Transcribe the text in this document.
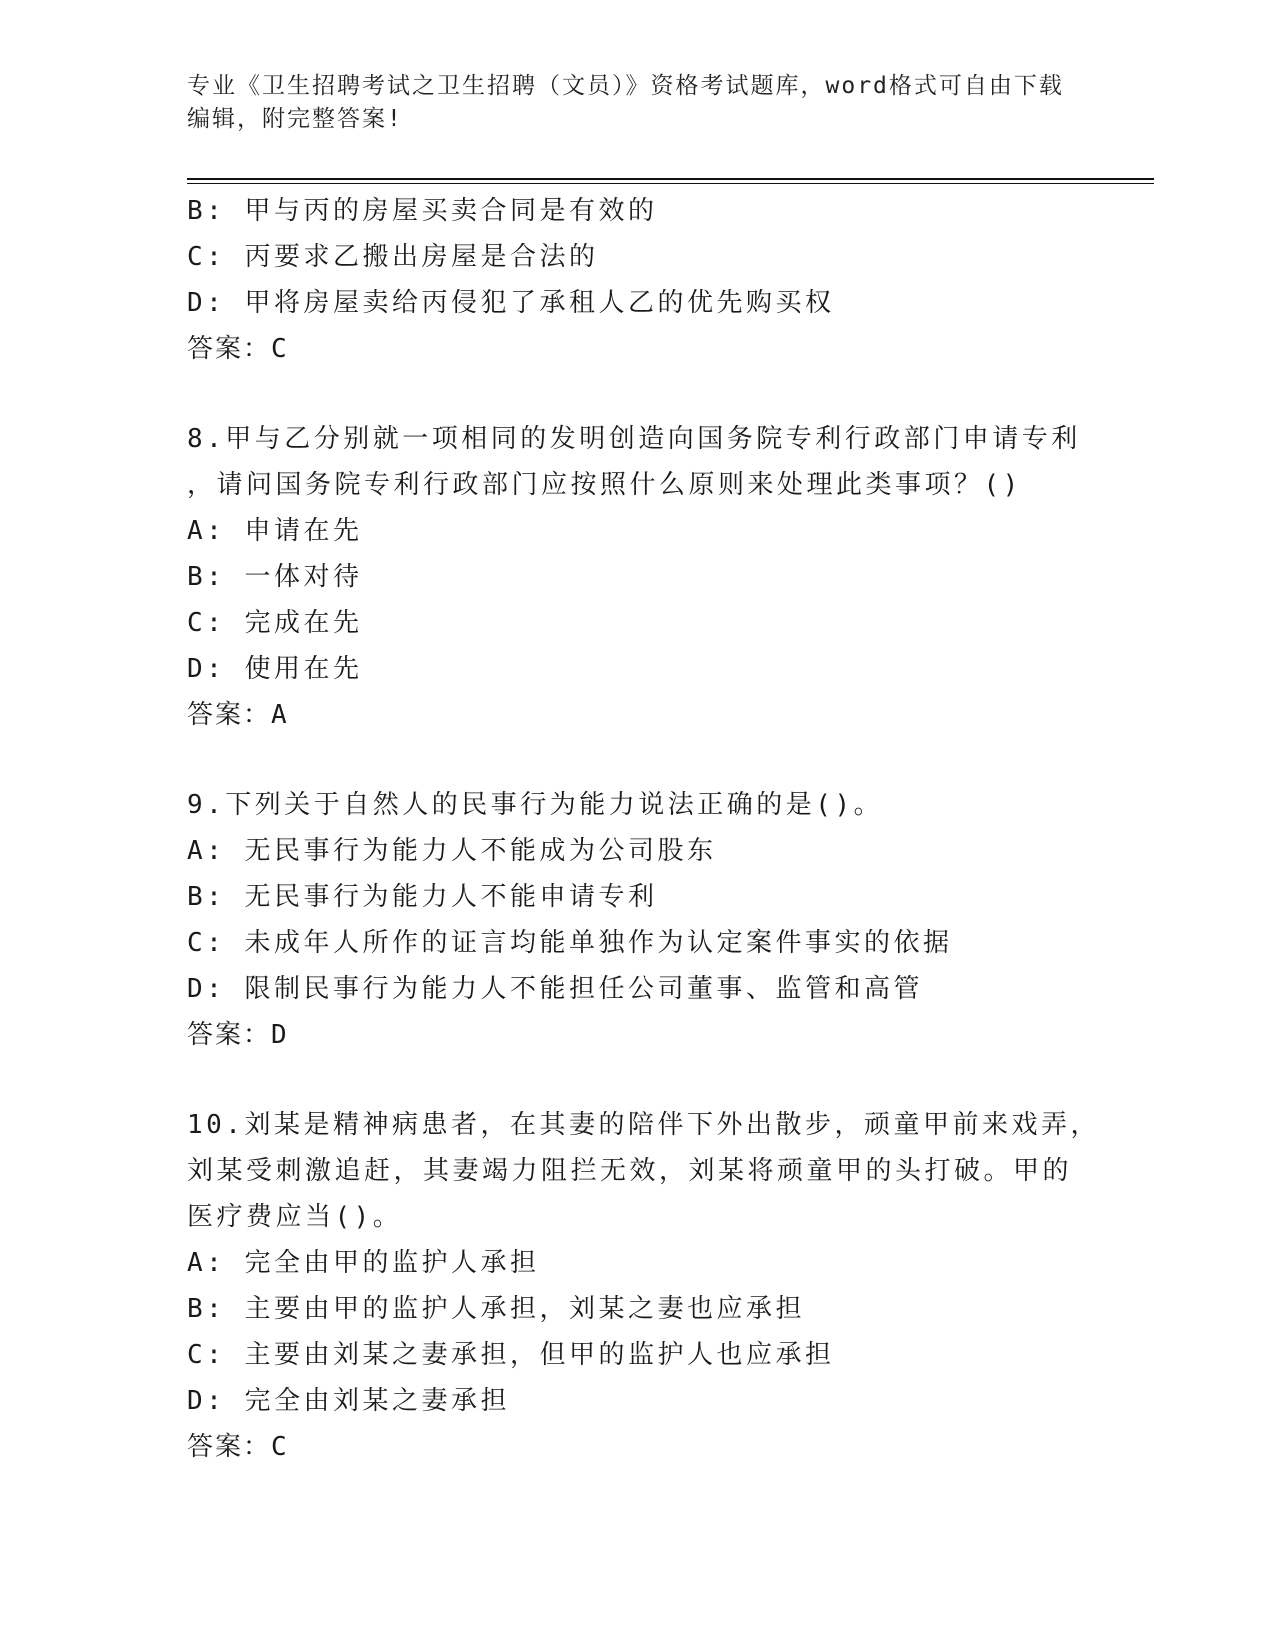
专业《卫生招聘考试之卫生招聘（文员）》资格考试题库，word格式可自由下载
编辑，附完整答案!
B: 甲与丙的房屋买卖合同是有效的
C: 丙要求乙搬出房屋是合法的
D: 甲将房屋卖给丙侵犯了承租人乙的优先购买权
答案：C
8.甲与乙分别就一项相同的发明创造向国务院专利行政部门申请专利
，请问国务院专利行政部门应按照什么原则来处理此类事项？()
A: 申请在先
B: 一体对待
C: 完成在先
D: 使用在先
答案：A
9.下列关于自然人的民事行为能力说法正确的是()。
A: 无民事行为能力人不能成为公司股东
B: 无民事行为能力人不能申请专利
C: 未成年人所作的证言均能单独作为认定案件事实的依据
D: 限制民事行为能力人不能担任公司董事、监管和高管
答案：D
10.刘某是精神病患者，在其妻的陪伴下外出散步，顽童甲前来戏弄，
刘某受刺激追赶，其妻竭力阻拦无效，刘某将顽童甲的头打破。甲的
医疗费应当()。
A: 完全由甲的监护人承担
B: 主要由甲的监护人承担，刘某之妻也应承担
C: 主要由刘某之妻承担，但甲的监护人也应承担
D: 完全由刘某之妻承担
答案：C
